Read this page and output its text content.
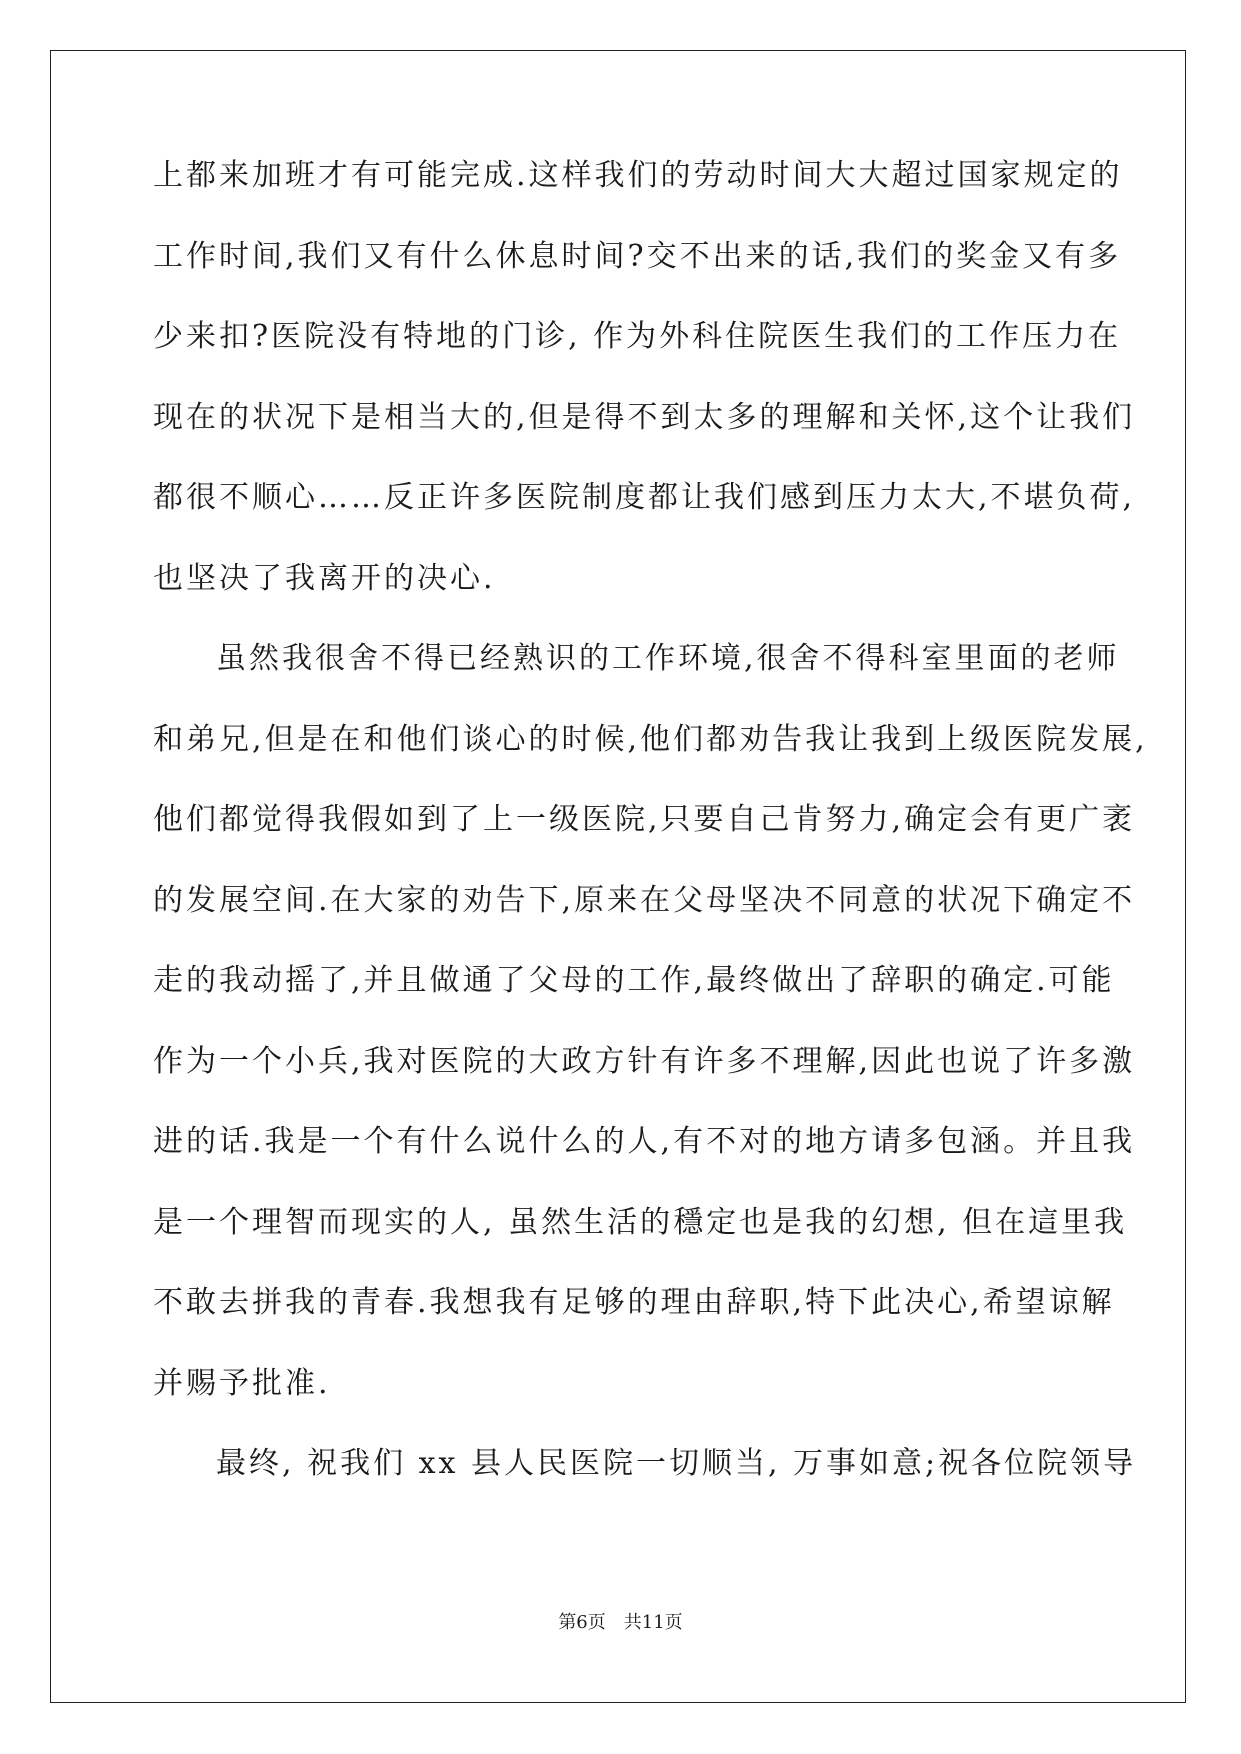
上都来加班才有可能完成.这样我们的劳动时间大大超过国家规定的
工作时间,我们又有什么休息时间?交不出来的话,我们的奖金又有多
少来扣?医院没有特地的门诊, 作为外科住院医生我们的工作压力在
现在的状况下是相当大的,但是得不到太多的理解和关怀,这个让我们
都很不顺心……反正许多医院制度都让我们感到压力太大,不堪负荷,
也坚决了我离开的决心.
虽然我很舍不得已经熟识的工作环境,很舍不得科室里面的老师
和弟兄,但是在和他们谈心的时候,他们都劝告我让我到上级医院发展,
他们都觉得我假如到了上一级医院,只要自己肯努力,确定会有更广袤
的发展空间.在大家的劝告下,原来在父母坚决不同意的状况下确定不
走的我动摇了,并且做通了父母的工作,最终做出了辞职的确定.可能
作为一个小兵,我对医院的大政方针有许多不理解,因此也说了许多激
进的话.我是一个有什么说什么的人,有不对的地方请多包涵。并且我
是一个理智而现实的人, 虽然生活的穩定也是我的幻想, 但在這里我
不敢去拼我的青春.我想我有足够的理由辞职,特下此决心,希望谅解
并赐予批准.
最终, 祝我们 xx 县人民医院一切顺当, 万事如意;祝各位院领导
第6页 共11页
